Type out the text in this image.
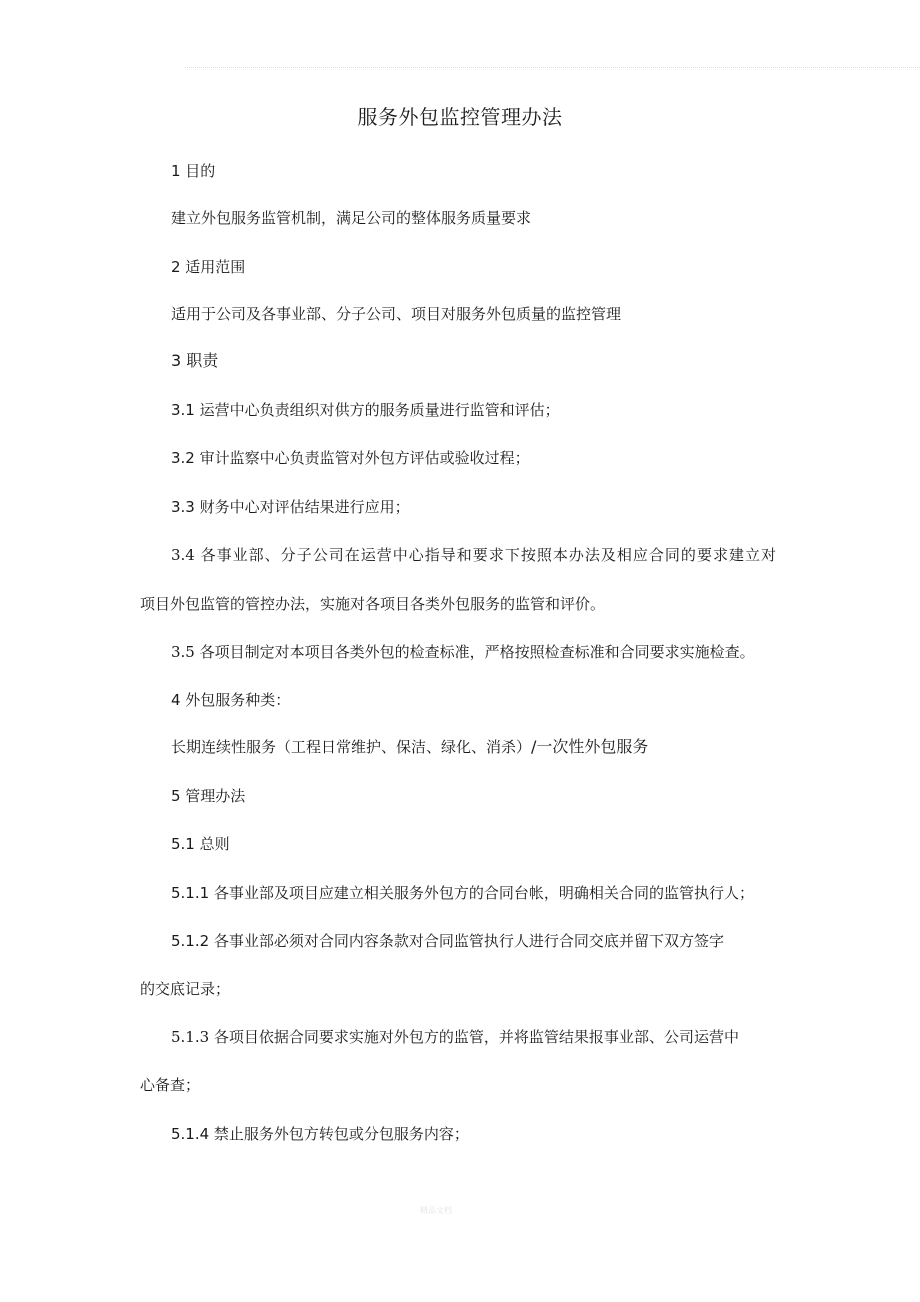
服务外包监控管理办法
1 目的
建立外包服务监管机制，满足公司的整体服务质量要求
2 适用范围
适用于公司及各事业部、分子公司、项目对服务外包质量的监控管理
3 职责
3.1 运营中心负责组织对供方的服务质量进行监管和评估；
3.2 审计监察中心负责监管对外包方评估或验收过程；
3.3 财务中心对评估结果进行应用；
3.4 各事业部、分子公司在运营中心指导和要求下按照本办法及相应合同的要求建立对
项目外包监管的管控办法，实施对各项目各类外包服务的监管和评价。
3.5 各项目制定对本项目各类外包的检查标准，严格按照检查标准和合同要求实施检查。
4 外包服务种类：
长期连续性服务（工程日常维护、保洁、绿化、消杀）/一次性外包服务
5 管理办法
5.1 总则
5.1.1 各事业部及项目应建立相关服务外包方的合同台帐，明确相关合同的监管执行人；
5.1.2 各事业部必须对合同内容条款对合同监管执行人进行合同交底并留下双方签字
的交底记录；
5.1.3 各项目依据合同要求实施对外包方的监管，并将监管结果报事业部、公司运营中
心备查；
5.1.4 禁止服务外包方转包或分包服务内容；
精品文档
